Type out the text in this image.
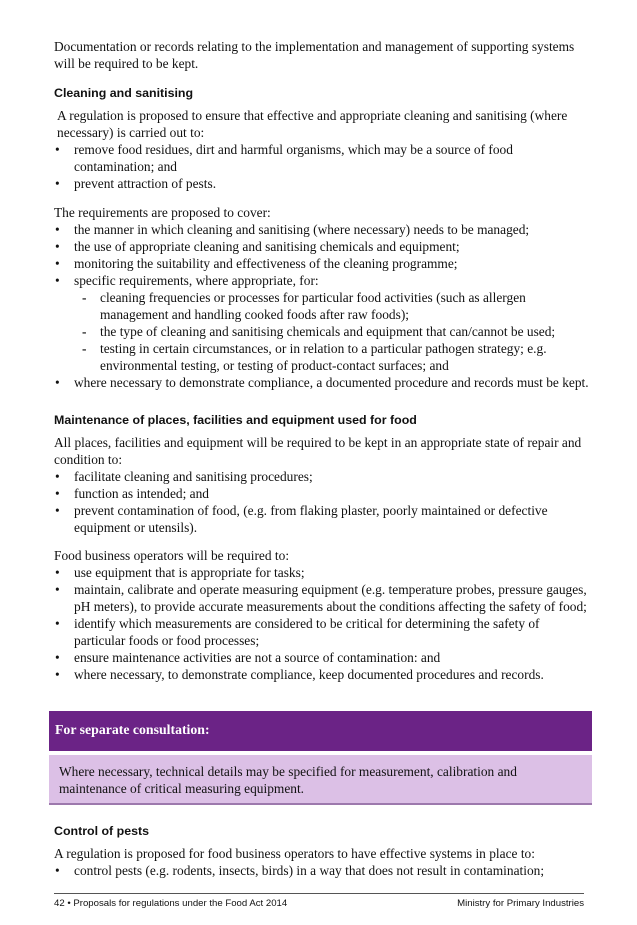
Documentation or records relating to the implementation and management of supporting systems will be required to be kept.

Cleaning and sanitising

A regulation is proposed to ensure that effective and appropriate cleaning and sanitising (where necessary) is carried out to:

• remove food residues, dirt and harmful organisms, which may be a source of food contamination; and
• prevent attraction of pests.

The requirements are proposed to cover:

• the manner in which cleaning and sanitising (where necessary) needs to be managed;
• the use of appropriate cleaning and sanitising chemicals and equipment;
• monitoring the suitability and effectiveness of the cleaning programme;
• specific requirements, where appropriate, for:
- cleaning frequencies or processes for particular food activities (such as allergen management and handling cooked foods after raw foods);
- the type of cleaning and sanitising chemicals and equipment that can/cannot be used;
- testing in certain circumstances, or in relation to a particular pathogen strategy; e.g. environmental testing, or testing of product-contact surfaces; and
• where necessary to demonstrate compliance, a documented procedure and records must be kept.
Maintenance of places, facilities and equipment used for food

All places, facilities and equipment will be required to be kept in an appropriate state of repair and condition to:

• facilitate cleaning and sanitising procedures;
• function as intended; and
• prevent contamination of food, (e.g. from flaking plaster, poorly maintained or defective equipment or utensils).

Food business operators will be required to:

• use equipment that is appropriate for tasks;
• maintain, calibrate and operate measuring equipment (e.g. temperature probes, pressure gauges, pH meters), to provide accurate measurements about the conditions affecting the safety of food;
• identify which measurements are considered to be critical for determining the safety of particular foods or food processes;
• ensure maintenance activities are not a source of contamination: and
• where necessary, to demonstrate compliance, keep documented procedures and records.
For separate consultation:
Where necessary, technical details may be specified for measurement, calibration and maintenance of critical measuring equipment.
Control of pests

A regulation is proposed for food business operators to have effective systems in place to:

• control pests (e.g. rodents, insects, birds) in a way that does not result in contamination;
42 • Proposals for regulations under the Food Act 2014	Ministry for Primary Industries
